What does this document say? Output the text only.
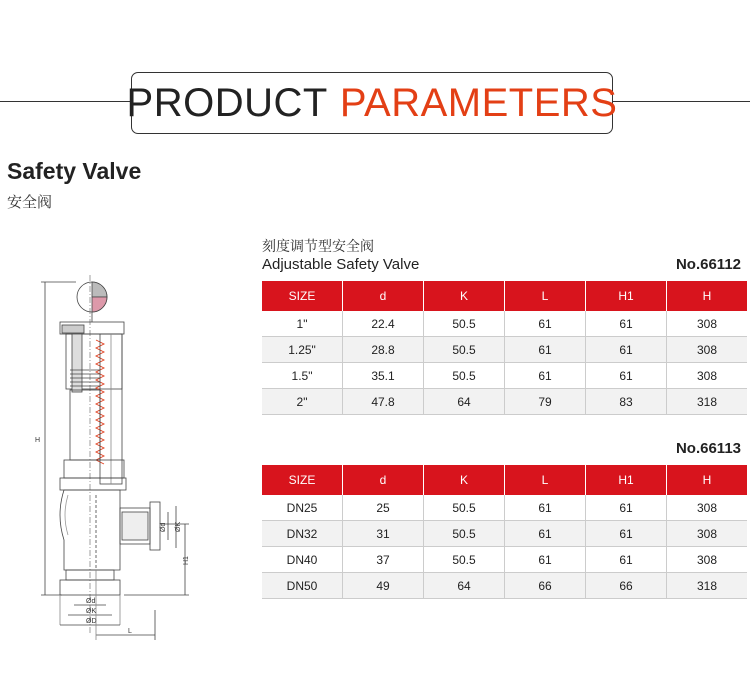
PRODUCT PARAMETERS
Safety Valve
安全阀
刻度调节型安全阀
Adjustable Safety Valve	No.66112
SIZE	d	K	L	H1	H
1"	22.4	50.5	61	61	308
1.25"	28.8	50.5	61	61	308
1.5"	35.1	50.5	61	61	308
2"	47.8	64	79	83	318
No.66113
SIZE	d	K	L	H1	H
DN25	25	50.5	61	61	308
DN32	31	50.5	61	61	308
DN40	37	50.5	61	61	308
DN50	49	64	66	66	318
H
H1
Ød ØK
Ød
ØK
ØD
L
